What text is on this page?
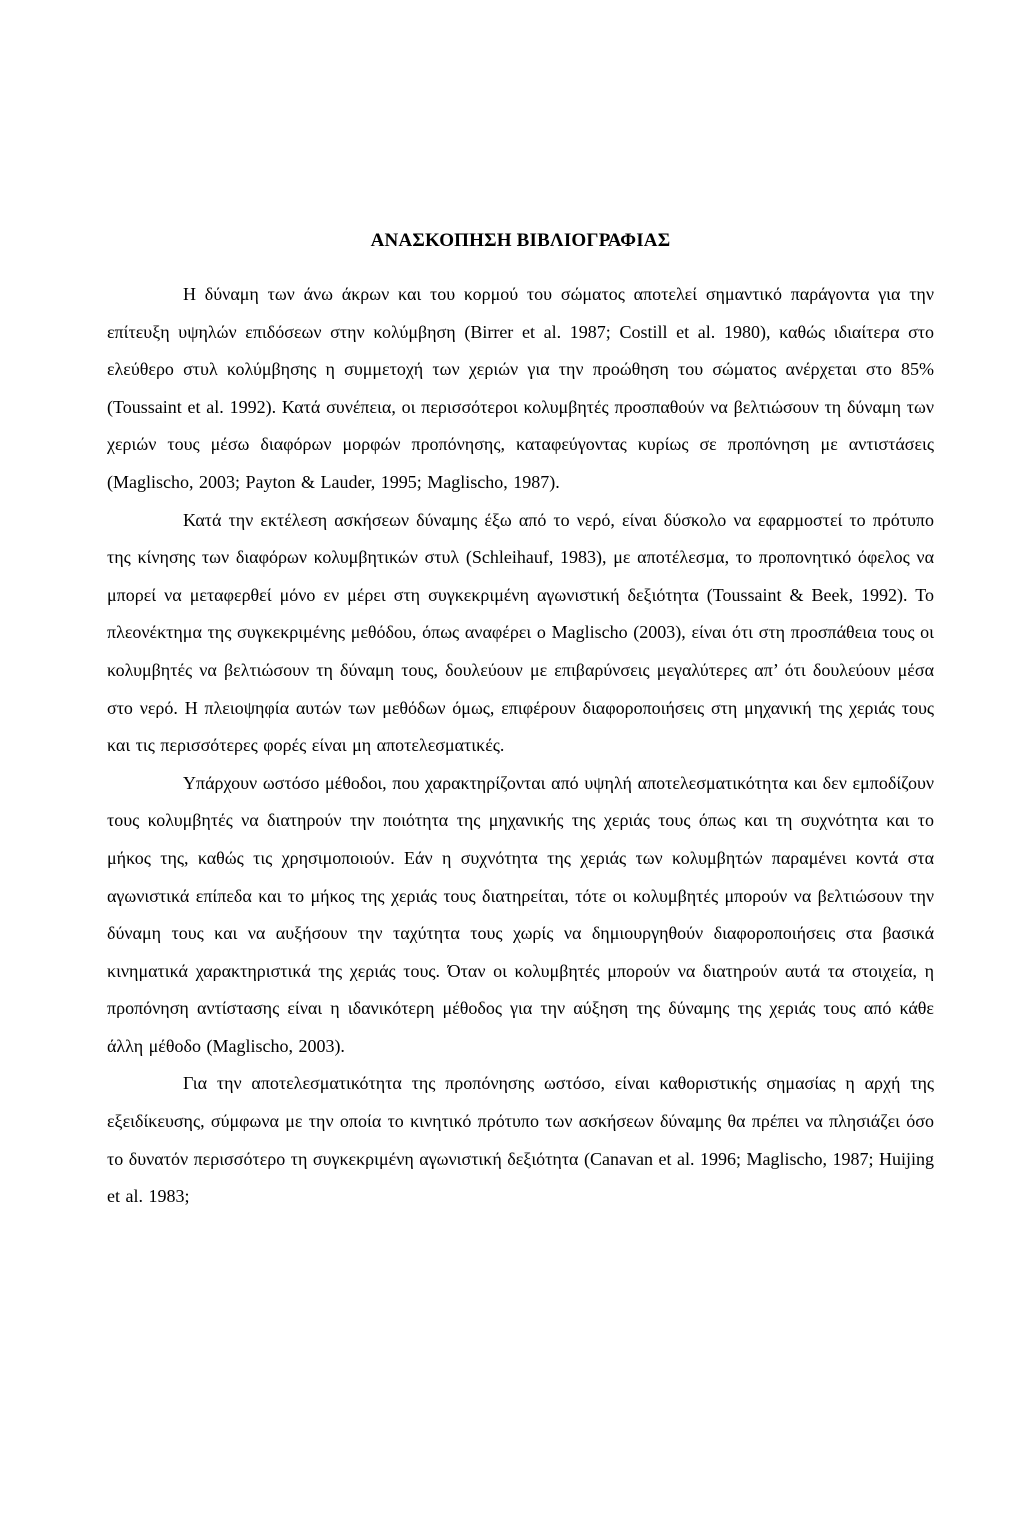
ΑΝΑΣΚΟΠΗΣΗ ΒΙΒΛΙΟΓΡΑΦΙΑΣ

Η δύναμη των άνω άκρων και του κορμού του σώματος αποτελεί σημαντικό παράγοντα για την επίτευξη υψηλών επιδόσεων στην κολύμβηση (Birrer et al. 1987; Costill et al. 1980), καθώς ιδιαίτερα στο ελεύθερο στυλ κολύμβησης η συμμετοχή των χεριών για την προώθηση του σώματος ανέρχεται στο 85% (Toussaint et al. 1992). Κατά συνέπεια, οι περισσότεροι κολυμβητές προσπαθούν να βελτιώσουν τη δύναμη των χεριών τους μέσω διαφόρων μορφών προπόνησης, καταφεύγοντας κυρίως σε προπόνηση με αντιστάσεις (Maglischo, 2003; Payton & Lauder, 1995; Maglischo, 1987).

Κατά την εκτέλεση ασκήσεων δύναμης έξω από το νερό, είναι δύσκολο να εφαρμοστεί το πρότυπο της κίνησης των διαφόρων κολυμβητικών στυλ (Schleihauf, 1983), με αποτέλεσμα, το προπονητικό όφελος να μπορεί να μεταφερθεί μόνο εν μέρει στη συγκεκριμένη αγωνιστική δεξιότητα (Toussaint & Beek, 1992). Το πλεονέκτημα της συγκεκριμένης μεθόδου, όπως αναφέρει ο Maglischo (2003), είναι ότι στη προσπάθεια τους οι κολυμβητές να βελτιώσουν τη δύναμη τους, δουλεύουν με επιβαρύνσεις μεγαλύτερες απ’ ότι δουλεύουν μέσα στο νερό. Η πλειοψηφία αυτών των μεθόδων όμως, επιφέρουν διαφοροποιήσεις στη μηχανική της χεριάς τους και τις περισσότερες φορές είναι μη αποτελεσματικές.

Υπάρχουν ωστόσο μέθοδοι, που χαρακτηρίζονται από υψηλή αποτελεσματικότητα και δεν εμποδίζουν τους κολυμβητές να διατηρούν την ποιότητα της μηχανικής της χεριάς τους όπως και τη συχνότητα και το μήκος της, καθώς τις χρησιμοποιούν. Εάν η συχνότητα της χεριάς των κολυμβητών παραμένει κοντά στα αγωνιστικά επίπεδα και το μήκος της χεριάς τους διατηρείται, τότε οι κολυμβητές μπορούν να βελτιώσουν την δύναμη τους και να αυξήσουν την ταχύτητα τους χωρίς να δημιουργηθούν διαφοροποιήσεις στα βασικά κινηματικά χαρακτηριστικά της χεριάς τους. Όταν οι κολυμβητές μπορούν να διατηρούν αυτά τα στοιχεία, η προπόνηση αντίστασης είναι η ιδανικότερη μέθοδος για την αύξηση της δύναμης της χεριάς τους από κάθε άλλη μέθοδο (Maglischo, 2003).

Για την αποτελεσματικότητα της προπόνησης ωστόσο, είναι καθοριστικής σημασίας η αρχή της εξειδίκευσης, σύμφωνα με την οποία το κινητικό πρότυπο των ασκήσεων δύναμης θα πρέπει να πλησιάζει όσο το δυνατόν περισσότερο τη συγκεκριμένη αγωνιστική δεξιότητα (Canavan et al. 1996; Maglischo, 1987; Huijing et al. 1983;
